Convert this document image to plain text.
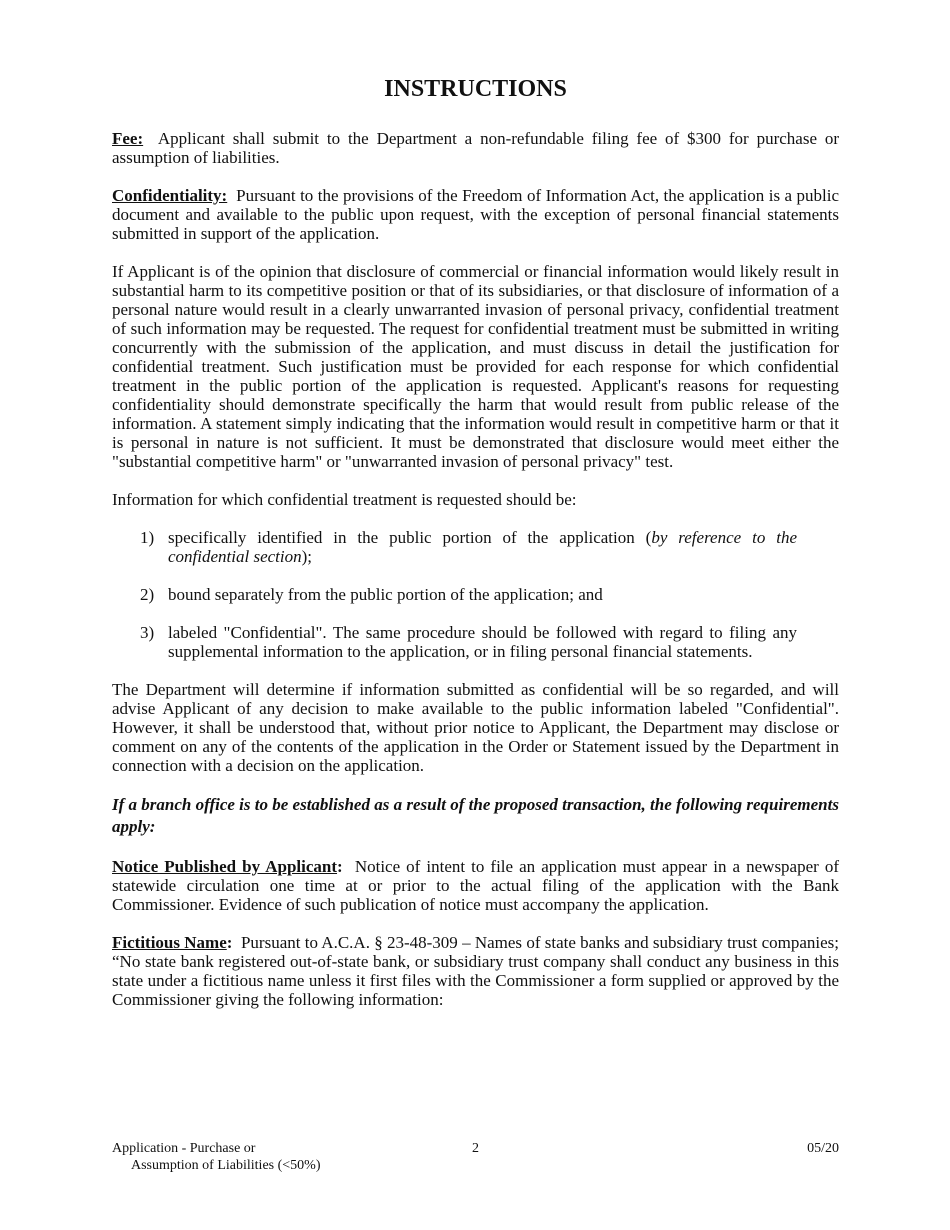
INSTRUCTIONS

Fee: Applicant shall submit to the Department a non-refundable filing fee of $300 for purchase or assumption of liabilities.

Confidentiality: Pursuant to the provisions of the Freedom of Information Act, the application is a public document and available to the public upon request, with the exception of personal financial statements submitted in support of the application.

If Applicant is of the opinion that disclosure of commercial or financial information would likely result in substantial harm to its competitive position or that of its subsidiaries, or that disclosure of information of a personal nature would result in a clearly unwarranted invasion of personal privacy, confidential treatment of such information may be requested. The request for confidential treatment must be submitted in writing concurrently with the submission of the application, and must discuss in detail the justification for confidential treatment. Such justification must be provided for each response for which confidential treatment in the public portion of the application is requested. Applicant's reasons for requesting confidentiality should demonstrate specifically the harm that would result from public release of the information. A statement simply indicating that the information would result in competitive harm or that it is personal in nature is not sufficient. It must be demonstrated that disclosure would meet either the "substantial competitive harm" or "unwarranted invasion of personal privacy" test.

Information for which confidential treatment is requested should be:

1) specifically identified in the public portion of the application (by reference to the confidential section);
2) bound separately from the public portion of the application; and
3) labeled "Confidential". The same procedure should be followed with regard to filing any supplemental information to the application, or in filing personal financial statements.

The Department will determine if information submitted as confidential will be so regarded, and will advise Applicant of any decision to make available to the public information labeled "Confidential". However, it shall be understood that, without prior notice to Applicant, the Department may disclose or comment on any of the contents of the application in the Order or Statement issued by the Department in connection with a decision on the application.

If a branch office is to be established as a result of the proposed transaction, the following requirements apply:

Notice Published by Applicant: Notice of intent to file an application must appear in a newspaper of statewide circulation one time at or prior to the actual filing of the application with the Bank Commissioner. Evidence of such publication of notice must accompany the application.

Fictitious Name: Pursuant to A.C.A. § 23-48-309 – Names of state banks and subsidiary trust companies; “No state bank registered out-of-state bank, or subsidiary trust company shall conduct any business in this state under a fictitious name unless it first files with the Commissioner a form supplied or approved by the Commissioner giving the following information:

Application - Purchase or
Assumption of Liabilities (<50%)
2	05/20
